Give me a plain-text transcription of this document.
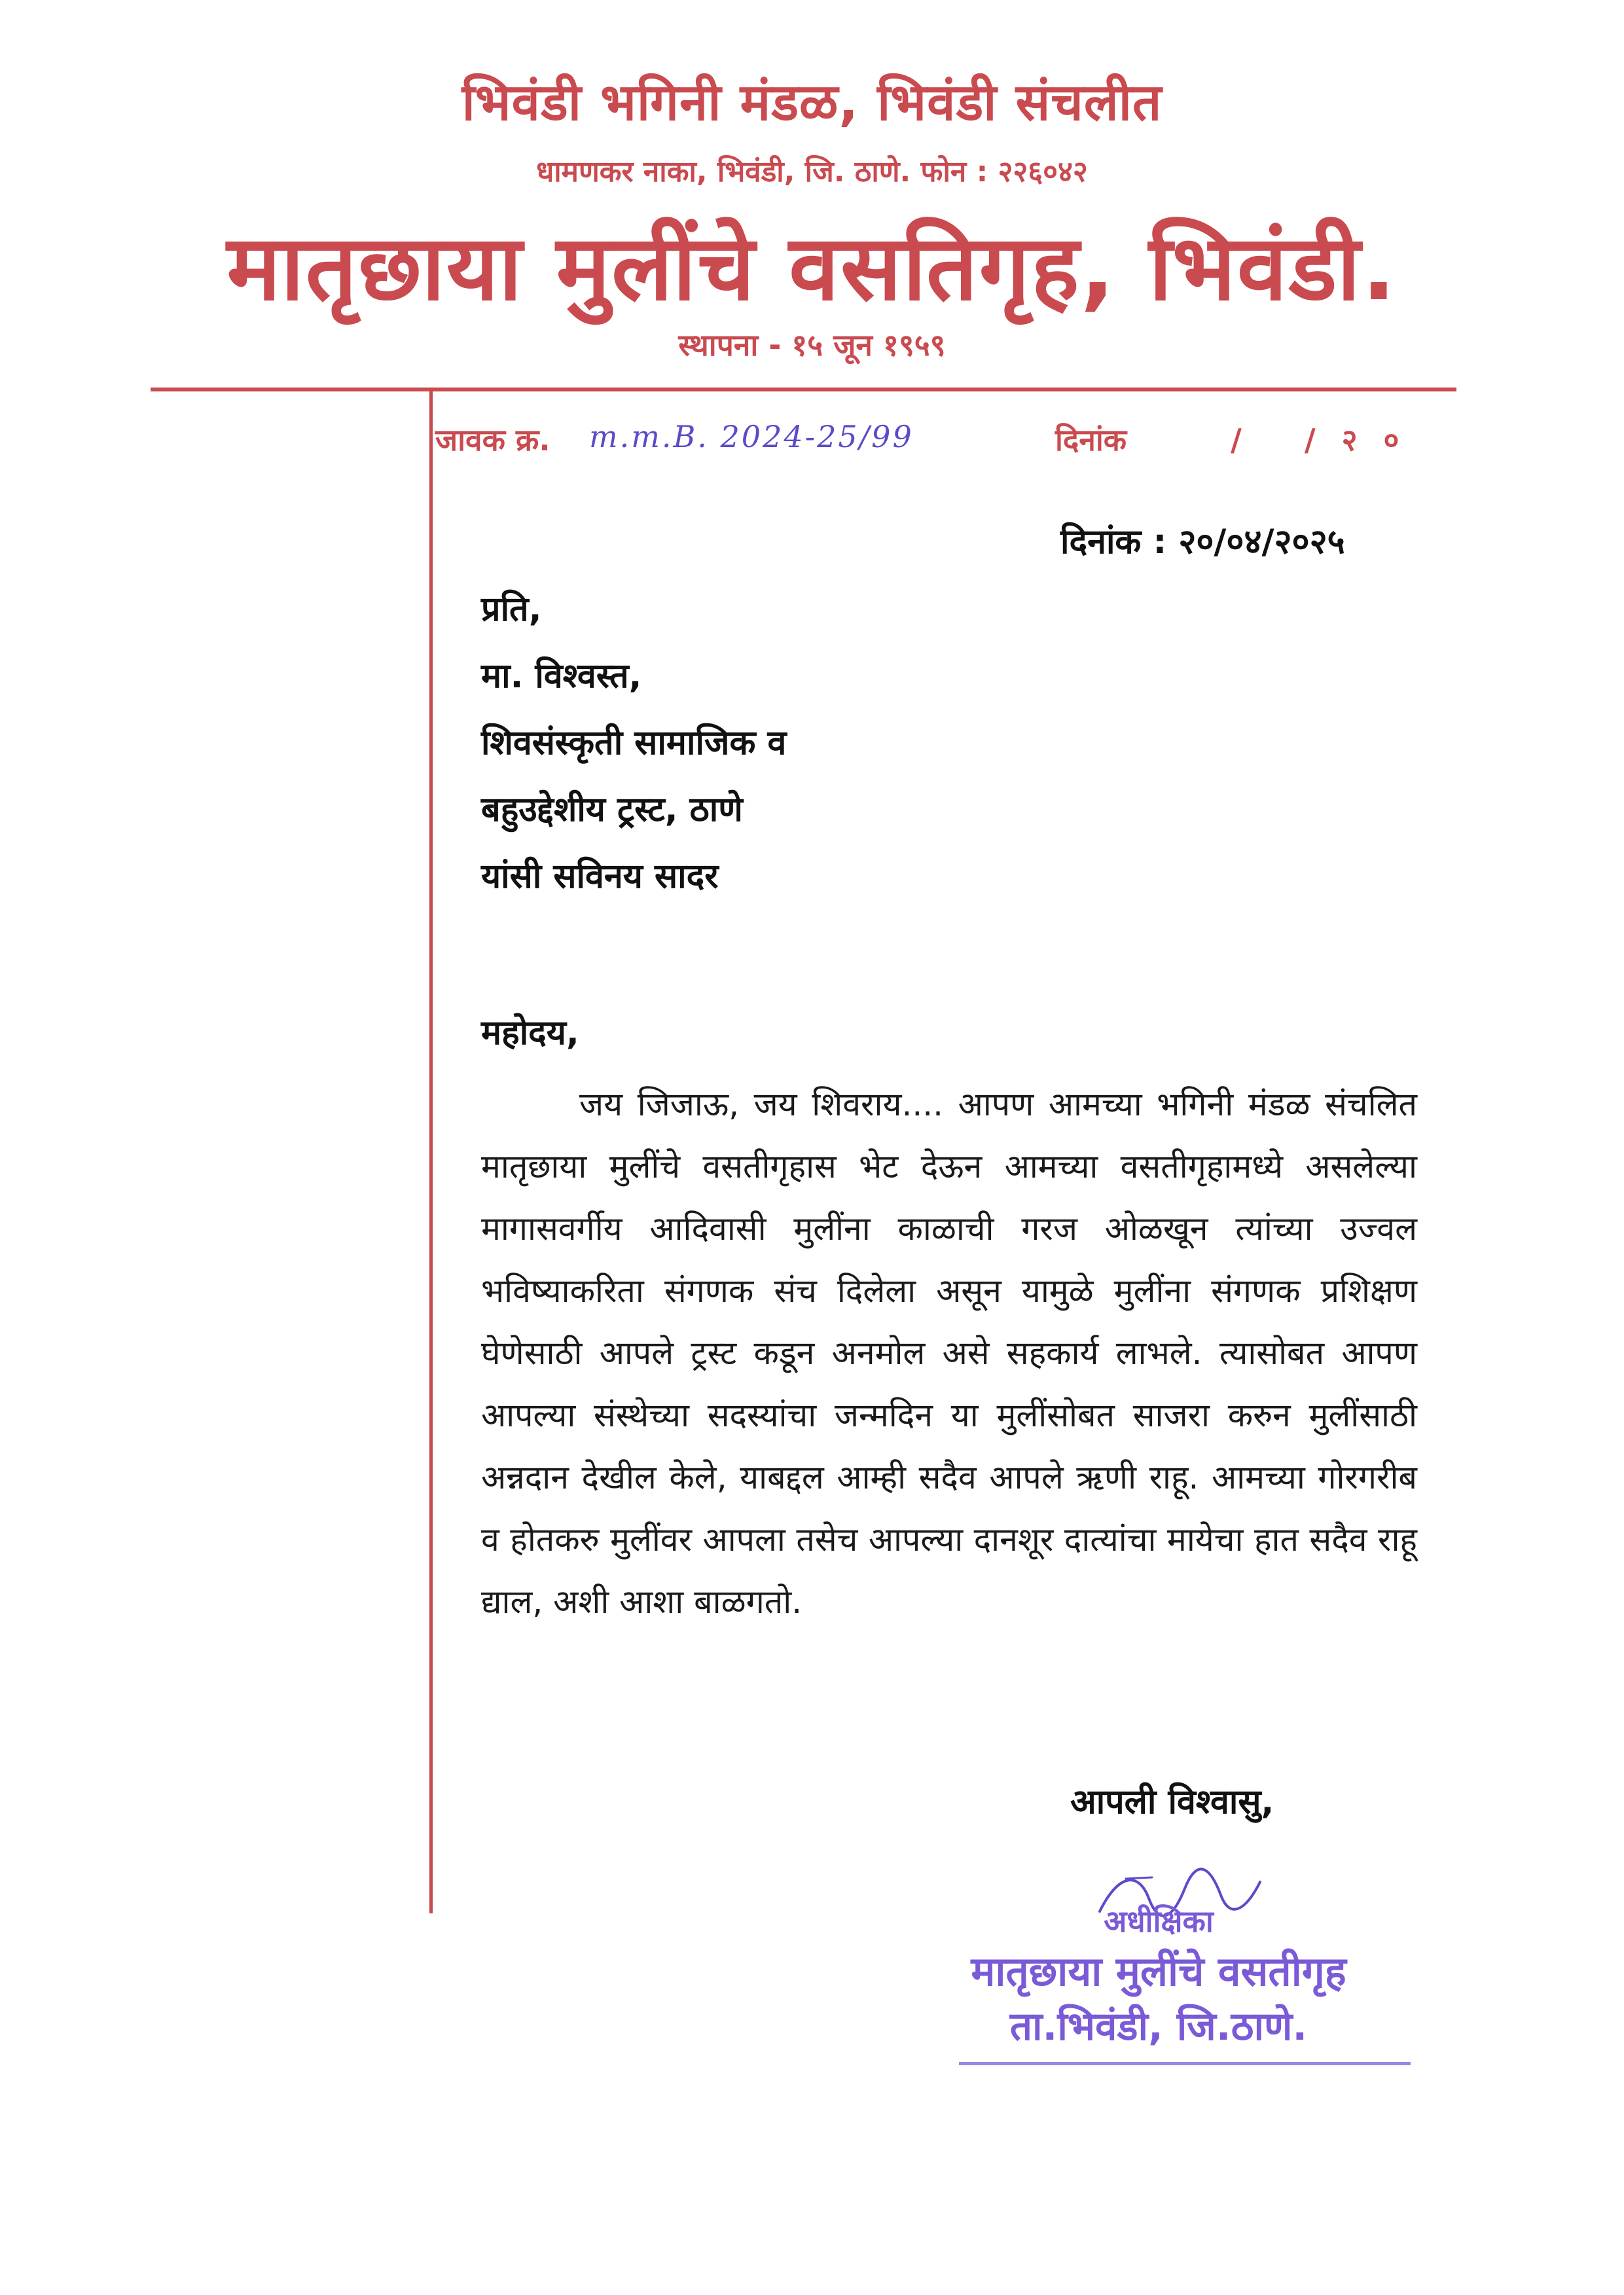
भिवंडी भगिनी मंडळ, भिवंडी संचलीत
धामणकर नाका, भिवंडी, जि. ठाणे. फोन : २२६०४२
मातृछाया मुलींचे वसतिगृह, भिवंडी.
स्थापना - १५ जून १९५९
जावक क्र. m.m.B. 2024-25/99	दिनांक	/ /२०
दिनांक : २०/०४/२०२५
प्रति,
मा. विश्‍वस्त,
शिवसंस्कृती सामाजिक व
बहुउद्देशीय ट्रस्ट, ठाणे
यांसी सविनय सादर
महोदय,
जय जिजाऊ, जय शिवराय.... आपण आमच्या भगिनी मंडळ संचलित मातृछाया मुलींचे वसतीगृहास भेट देऊन आमच्या वसतीगृहामध्ये असलेल्या मागासवर्गीय आदिवासी मुलींना काळाची गरज ओळखून त्यांच्या उज्वल भविष्याकरिता संगणक संच दिलेला असून यामुळे मुलींना संगणक प्रशिक्षण घेणेसाठी आपले ट्रस्ट कडून अनमोल असे सहकार्य लाभले. त्यासोबत आपण आपल्या संस्थेच्या सदस्यांचा जन्मदिन या मुलींसोबत साजरा करुन मुलींसाठी अन्नदान देखील केले, याबद्दल आम्ही सदैव आपले ऋणी राहू. आमच्या गोरगरीब व होतकरु मुलींवर आपला तसेच आपल्या दानशूर दात्यांचा मायेचा हात सदैव राहू द्याल, अशी आशा बाळगतो.
आपली विश्वासु,
अधीक्षिका
मातृछाया मुलींचे वसतीगृह
ता.भिवंडी, जि.ठाणे.
